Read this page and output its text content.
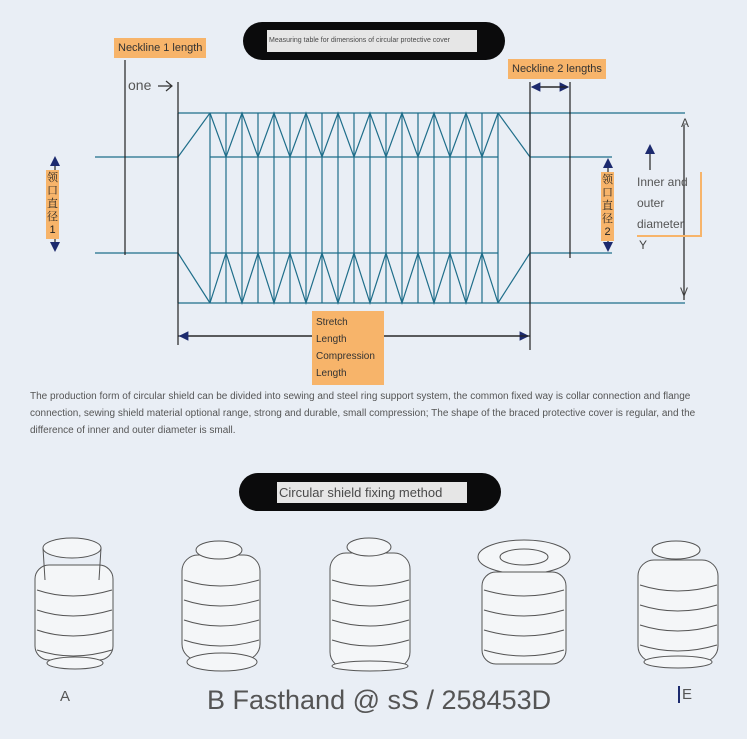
Measuring table for dimensions of circular protective cover
Neckline 1 length
Neckline 2 lengths
one
领
口
直
径
1
领
口
直
径
2
Inner and outer diameter
A
Y
V
Stretch Length
Compression
Length
The production form of circular shield can be divided into sewing and steel ring support system, the common fixed way is collar connection and flange connection, sewing shield material optional range, strong and durable, small compression; The shape of the braced protective cover is regular, and the difference of inner and outer diameter is small.
Circular shield fixing method
A	B Fasthand @ sS / 258453D	E
